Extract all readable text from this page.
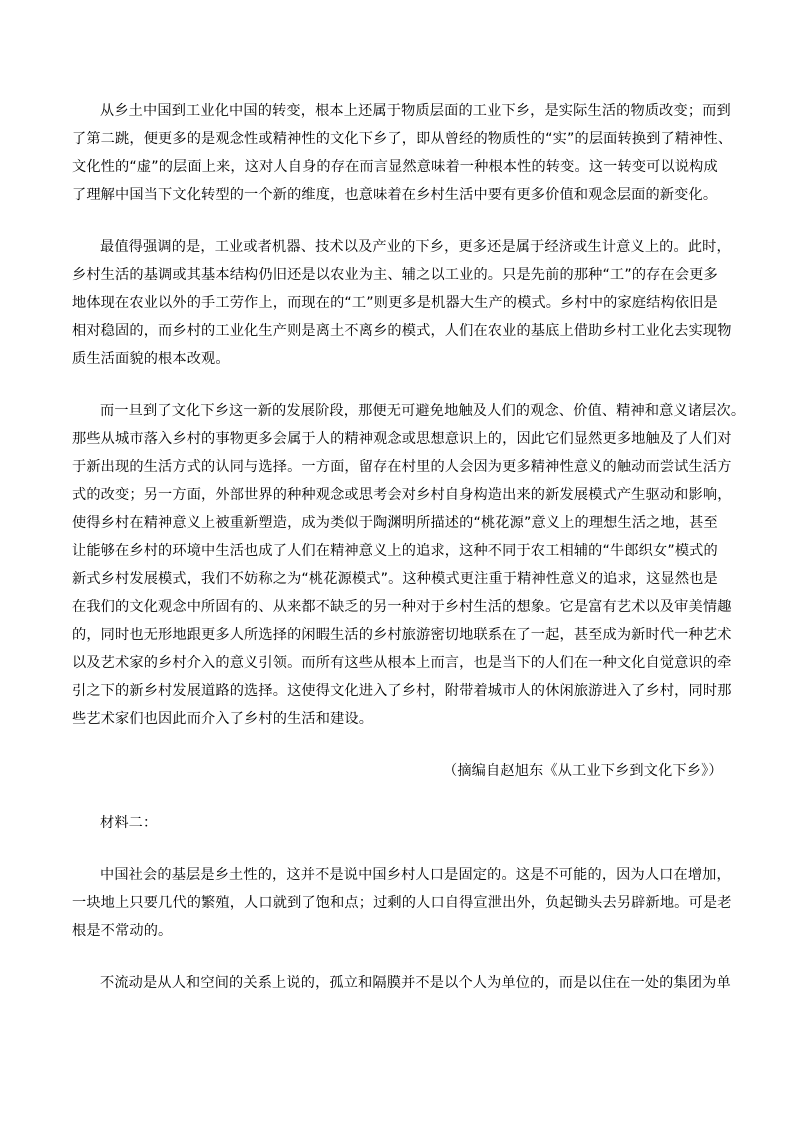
从乡土中国到工业化中国的转变，根本上还属于物质层面的工业下乡，是实际生活的物质改变；而到
了第二跳，便更多的是观念性或精神性的文化下乡了，即从曾经的物质性的“实”的层面转换到了精神性、
文化性的“虚”的层面上来，这对人自身的存在而言显然意味着一种根本性的转变。这一转变可以说构成
了理解中国当下文化转型的一个新的维度，也意味着在乡村生活中要有更多价值和观念层面的新变化。
最值得强调的是，工业或者机器、技术以及产业的下乡，更多还是属于经济或生计意义上的。此时，
乡村生活的基调或其基本结构仍旧还是以农业为主、辅之以工业的。只是先前的那种“工”的存在会更多
地体现在农业以外的手工劳作上，而现在的“工”则更多是机器大生产的模式。乡村中的家庭结构依旧是
相对稳固的，而乡村的工业化生产则是离土不离乡的模式，人们在农业的基底上借助乡村工业化去实现物
质生活面貌的根本改观。
而一旦到了文化下乡这一新的发展阶段，那便无可避免地触及人们的观念、价值、精神和意义诸层次。
那些从城市落入乡村的事物更多会属于人的精神观念或思想意识上的，因此它们显然更多地触及了人们对
于新出现的生活方式的认同与选择。一方面，留存在村里的人会因为更多精神性意义的触动而尝试生活方
式的改变；另一方面，外部世界的种种观念或思考会对乡村自身构造出来的新发展模式产生驱动和影响，
使得乡村在精神意义上被重新塑造，成为类似于陶渊明所描述的“桃花源”意义上的理想生活之地，甚至
让能够在乡村的环境中生活也成了人们在精神意义上的追求，这种不同于农工相辅的“牛郎织女”模式的
新式乡村发展模式，我们不妨称之为“桃花源模式”。这种模式更注重于精神性意义的追求，这显然也是
在我们的文化观念中所固有的、从来都不缺乏的另一种对于乡村生活的想象。它是富有艺术以及审美情趣
的，同时也无形地跟更多人所选择的闲暇生活的乡村旅游密切地联系在了一起，甚至成为新时代一种艺术
以及艺术家的乡村介入的意义引领。而所有这些从根本上而言，也是当下的人们在一种文化自觉意识的牵
引之下的新乡村发展道路的选择。这使得文化进入了乡村，附带着城市人的休闲旅游进入了乡村，同时那
些艺术家们也因此而介入了乡村的生活和建设。
（摘编自赵旭东《从工业下乡到文化下乡》）
材料二：
中国社会的基层是乡土性的，这并不是说中国乡村人口是固定的。这是不可能的，因为人口在增加，
一块地上只要几代的繁殖，人口就到了饱和点；过剩的人口自得宣泄出外，负起锄头去另辟新地。可是老
根是不常动的。
不流动是从人和空间的关系上说的，孤立和隔膜并不是以个人为单位的，而是以住在一处的集团为单
